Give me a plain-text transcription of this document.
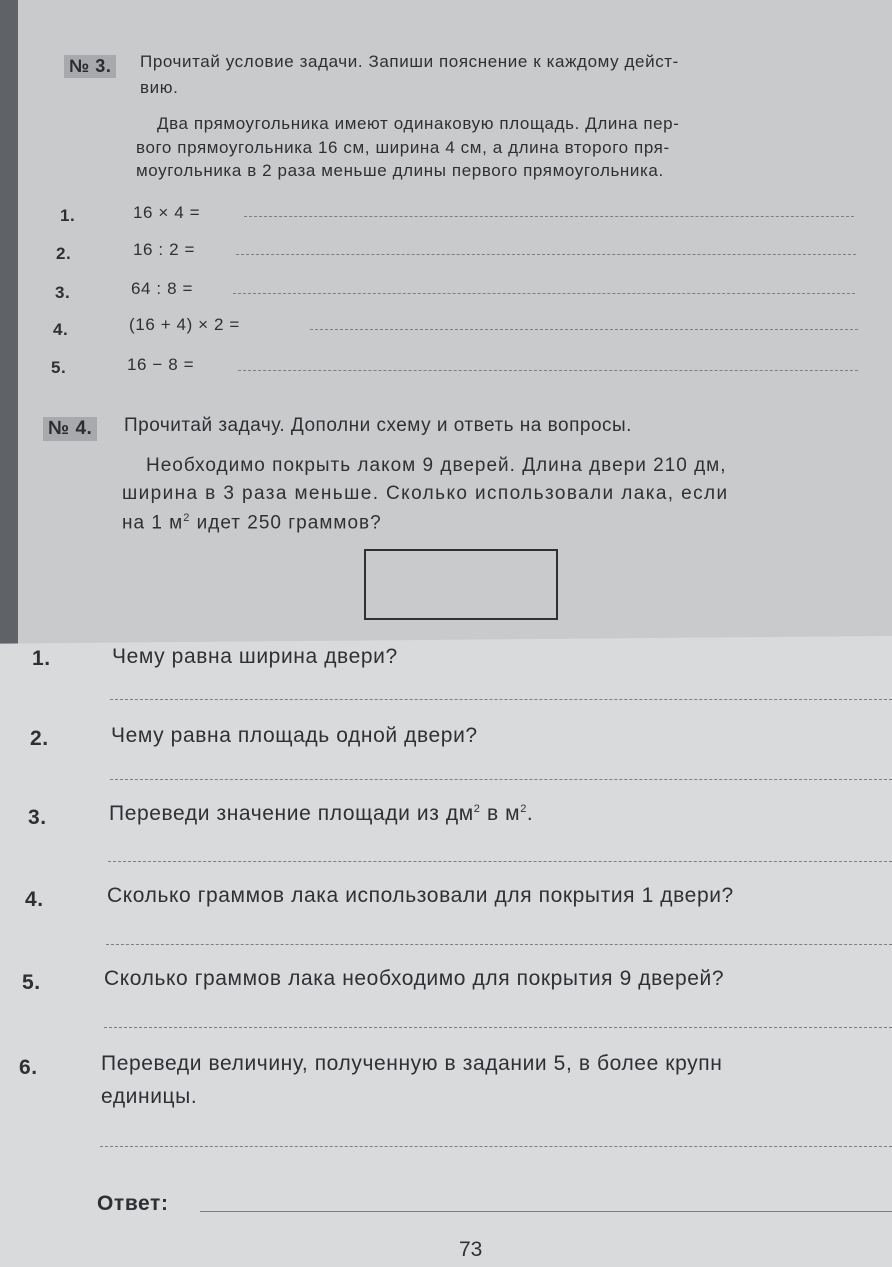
№ 3. Прочитай условие задачи. Запиши пояснение к каждому дейст-
вию.
Два прямоугольника имеют одинаковую площадь. Длина пер-
вого прямоугольника 16 см, ширина 4 см, а длина второго пря-
моугольника в 2 раза меньше длины первого прямоугольника.
1.	16 × 4 =
2.	16 : 2 =
3.	64 : 8 =
4.	(16 + 4) × 2 =
5.	16 − 8 =
№ 4. Прочитай задачу. Дополни схему и ответь на вопросы.
Необходимо покрыть лаком 9 дверей. Длина двери 210 дм,
ширина в 3 раза меньше. Сколько использовали лака, если
на 1 $м^2$ идет 250 граммов?
1.	Чему равна ширина двери?
2.	Чему равна площадь одной двери?
3.	Переведи значение площади из $дм^2$ в $м^2$.
4.	Сколько граммов лака использовали для покрытия 1 двери?
5.	Сколько граммов лака необходимо для покрытия 9 дверей?
6.	Переведи величину, полученную в задании 5, в более крупн
единицы.
Ответ:
73
